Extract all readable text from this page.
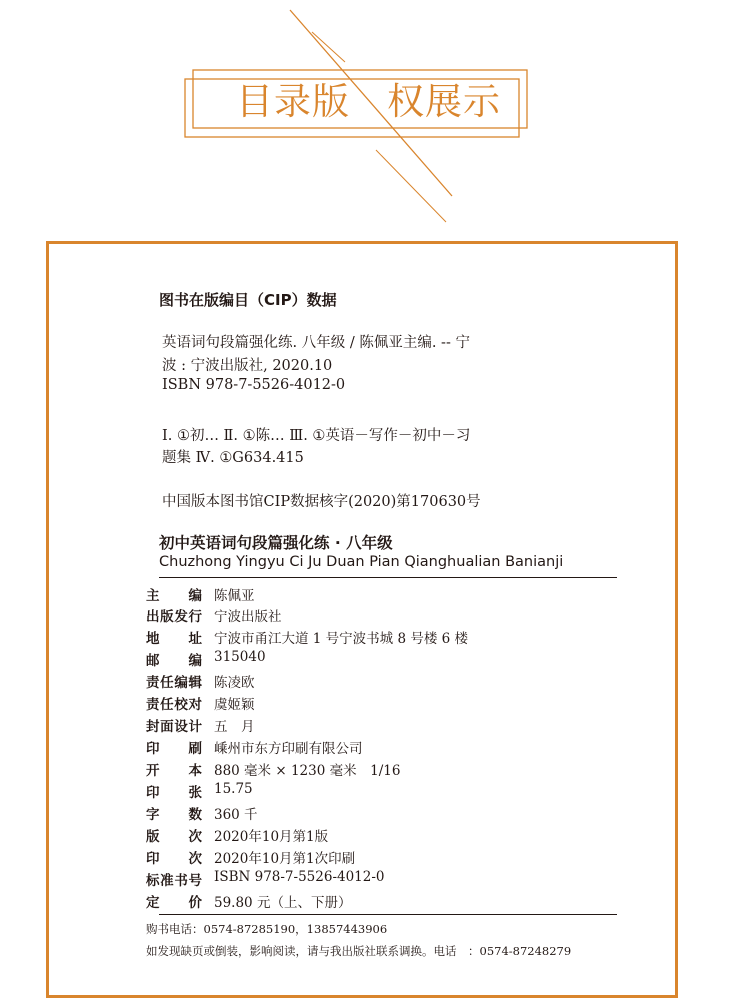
目录版 权展示
图书在版编目（CIP）数据
英语词句段篇强化练. 八年级 / 陈佩亚主编. -- 宁
波 : 宁波出版社, 2020.10
ISBN 978-7-5526-4012-0
Ⅰ. ①初… Ⅱ. ①陈… Ⅲ. ①英语－写作－初中－习
题集 Ⅳ. ①G634.415
中国版本图书馆CIP数据核字(2020)第170630号
初中英语词句段篇强化练 · 八年级
Chuzhong Yingyu Ci Ju Duan Pian Qianghualian Banianji
主编 陈佩亚
出版发行 宁波出版社
地址 宁波市甬江大道 1 号宁波书城 8 号楼 6 楼
邮编 315040
责任编辑 陈凌欧
责任校对 虞姬颖
封面设计 五　月
印刷 嵊州市东方印刷有限公司
开本 880 毫米 × 1230 毫米　1/16
印张 15.75
字数 360 千
版次 2020年10月第1版
印次 2020年10月第1次印刷
标准书号 ISBN 978-7-5526-4012-0
定价 59.80 元（上、下册）
购书电话：0574-87285190，13857443906
如发现缺页或倒装，影响阅读，请与我出版社联系调换。电话　：0574-87248279
